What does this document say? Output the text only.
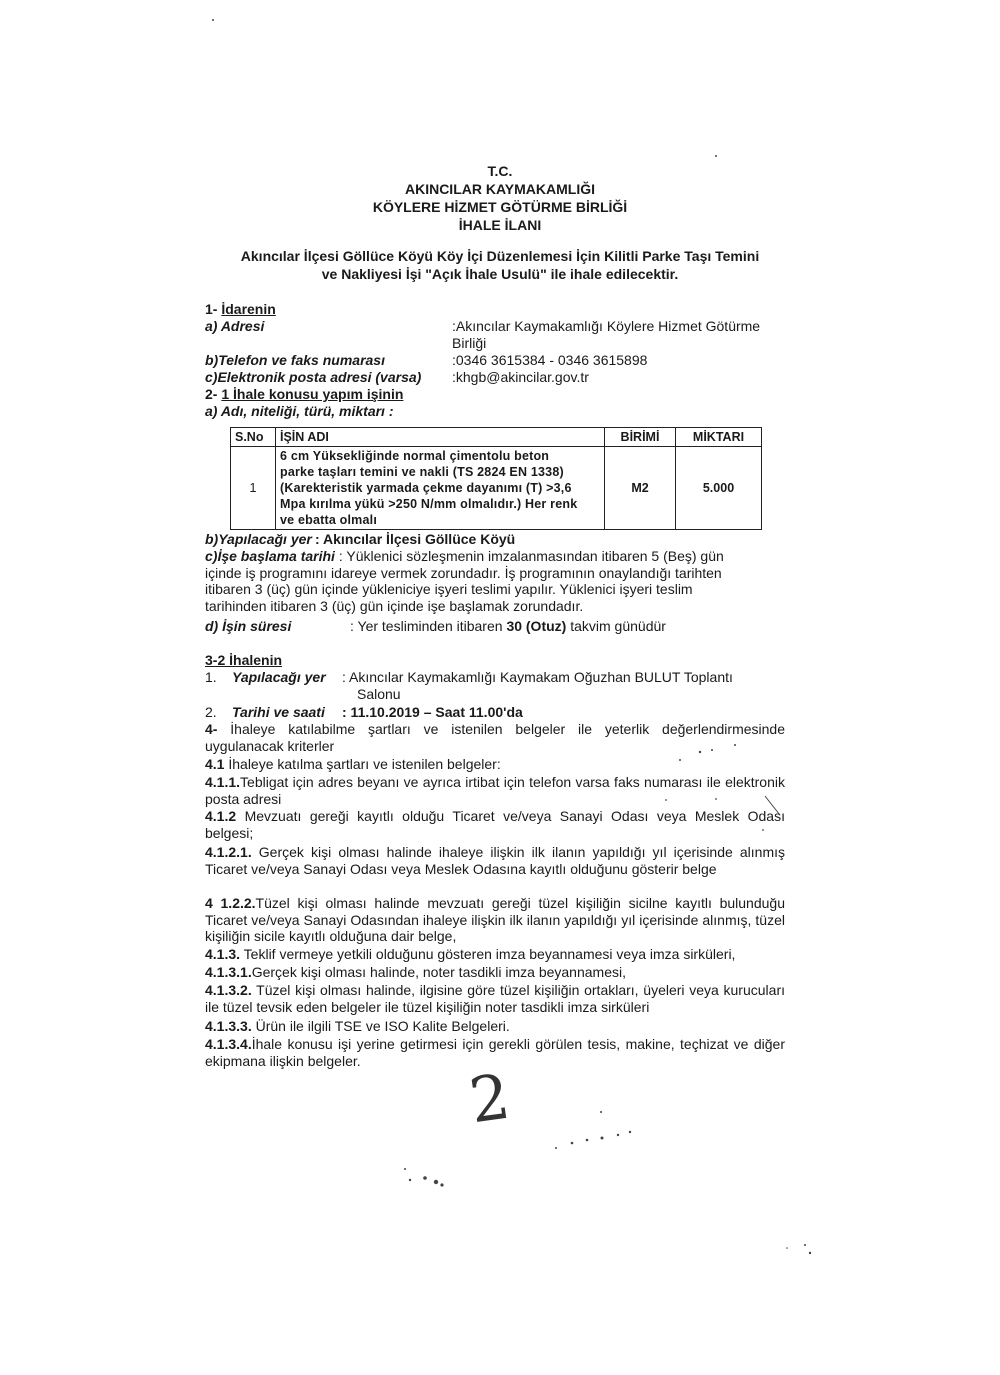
T.C.
AKINCILAR KAYMAKAMLIĞI
KÖYLERE HİZMET GÖTÜRME BİRLİĞİ
İHALE İLANI
Akıncılar İlçesi Göllüce Köyü Köy İçi Düzenlemesi İçin Kilitli Parke Taşı Temini
ve Nakliyesi İşi "Açık İhale Usulü" ile ihale edilecektir.
1- İdarenin
a) Adresi	:Akıncılar Kaymakamlığı Köylere Hizmet Götürme
Birliği
b)Telefon ve faks numarası	:0346 3615384 - 0346 3615898
c)Elektronik posta adresi (varsa) :khgb@akincilar.gov.tr
2- 1 İhale konusu yapım işinin
a) Adı, niteliği, türü, miktarı :
S.No	İŞİN ADI	BİRİMİ	MİKTARI
1	6 cm Yüksekliğinde normal çimentolu beton
parke taşları temini ve nakli (TS 2824 EN 1338)
(Karekteristik yarmada çekme dayanımı (T) >3,6
Mpa kırılma yükü >250 N/mm olmalıdır.) Her renk
ve ebatta olmalı	M2	5.000
b)Yapılacağı yer : Akıncılar İlçesi Göllüce Köyü
c)İşe başlama tarihi : Yüklenici sözleşmenin imzalanmasından itibaren 5 (Beş) gün
içinde iş programını idareye vermek zorundadır. İş programının onaylandığı tarihten
itibaren 3 (üç) gün içinde yükleniciye işyeri teslimi yapılır. Yüklenici işyeri teslim
tarihinden itibaren 3 (üç) gün içinde işe başlamak zorundadır.
d) İşin süresi	: Yer tesliminden itibaren 30 (Otuz) takvim günüdür
3-2 İhalenin
1. Yapılacağı yer : Akıncılar Kaymakamlığı Kaymakam Oğuzhan BULUT Toplantı
Salonu
2. Tarihi ve saati : 11.10.2019 – Saat 11.00'da
4- İhaleye katılabilme şartları ve istenilen belgeler ile yeterlik değerlendirmesinde uygulanacak kriterler
4.1 İhaleye katılma şartları ve istenilen belgeler:
4.1.1.Tebligat için adres beyanı ve ayrıca irtibat için telefon varsa faks numarası ile elektronik posta adresi
4.1.2 Mevzuatı gereği kayıtlı olduğu Ticaret ve/veya Sanayi Odası veya Meslek Odası belgesi;
4.1.2.1. Gerçek kişi olması halinde ihaleye ilişkin ilk ilanın yapıldığı yıl içerisinde alınmış Ticaret ve/veya Sanayi Odası veya Meslek Odasına kayıtlı olduğunu gösterir belge
4 1.2.2.Tüzel kişi olması halinde mevzuatı gereği tüzel kişiliğin sicilne kayıtlı bulunduğu Ticaret ve/veya Sanayi Odasından ihaleye ilişkin ilk ilanın yapıldığı yıl içerisinde alınmış, tüzel kişiliğin sicile kayıtlı olduğuna dair belge,
4.1.3. Teklif vermeye yetkili olduğunu gösteren imza beyannamesi veya imza sirküleri,
4.1.3.1.Gerçek kişi olması halinde, noter tasdikli imza beyannamesi,
4.1.3.2. Tüzel kişi olması halinde, ilgisine göre tüzel kişiliğin ortakları, üyeleri veya kurucuları ile tüzel tevsik eden belgeler ile tüzel kişiliğin noter tasdikli imza sirküleri
4.1.3.3. Ürün ile ilgili TSE ve ISO Kalite Belgeleri.
4.1.3.4.İhale konusu işi yerine getirmesi için gerekli görülen tesis, makine, teçhizat ve diğer ekipmana ilişkin belgeler.	2
